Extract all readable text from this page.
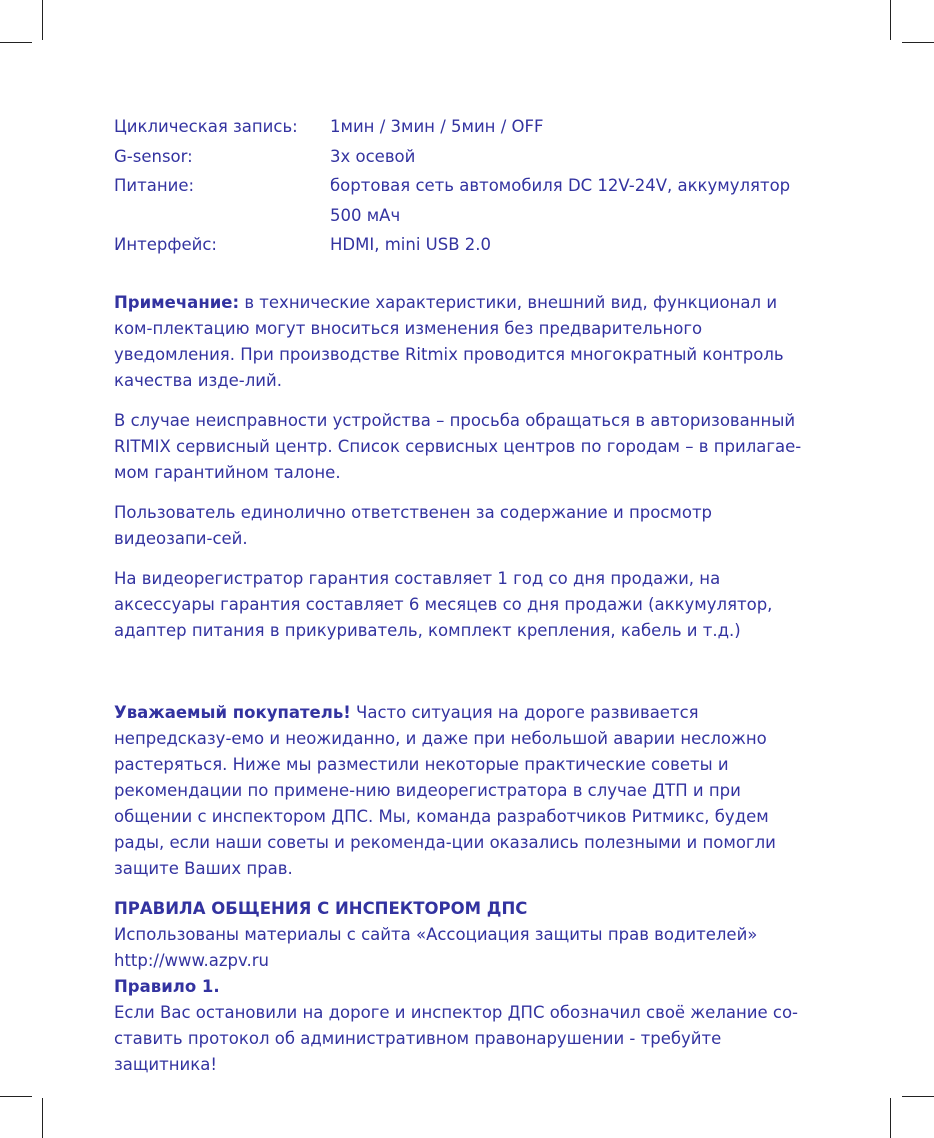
Циклическая запись:	1мин / 3мин / 5мин / OFF
G-sensor:	3х осевой
Питание:	бортовая сеть автомобиля DC 12V-24V, аккумулятор
500 мАч
Интерфейс:	HDMI, mini USB 2.0

Примечание: в технические характеристики, внешний вид, функционал и ком-плектацию могут вноситься изменения без предварительного уведомления. При производстве Ritmix проводится многократный контроль качества изде-лий.

В случае неисправности устройства – просьба обращаться в авторизованный RITMIX сервисный центр. Список сервисных центров по городам – в прилагае-мом гарантийном талоне.

Пользователь единолично ответственен за содержание и просмотр видеозапи-сей.

На видеорегистратор гарантия составляет 1 год со дня продажи, на аксессуары гарантия составляет 6 месяцев со дня продажи (аккумулятор, адаптер питания в прикуриватель, комплект крепления, кабель и т.д.)

Уважаемый покупатель! Часто ситуация на дороге развивается непредсказу-емо и неожиданно, и даже при небольшой аварии несложно растеряться. Ниже мы разместили некоторые практические советы и рекомендации по примене-нию видеорегистратора в случае ДТП и при общении с инспектором ДПС. Мы, команда разработчиков Ритмикс, будем рады, если наши советы и рекоменда-ции оказались полезными и помогли защите Ваших прав.

ПРАВИЛА ОБЩЕНИЯ С ИНСПЕКТОРОМ ДПС

Использованы материалы с сайта «Ассоциация защиты прав водителей» http://www.azpv.ru

Правило 1.

Если Вас остановили на дороге и инспектор ДПС обозначил своё желание со-ставить протокол об административном правонарушении - требуйте защитника!
